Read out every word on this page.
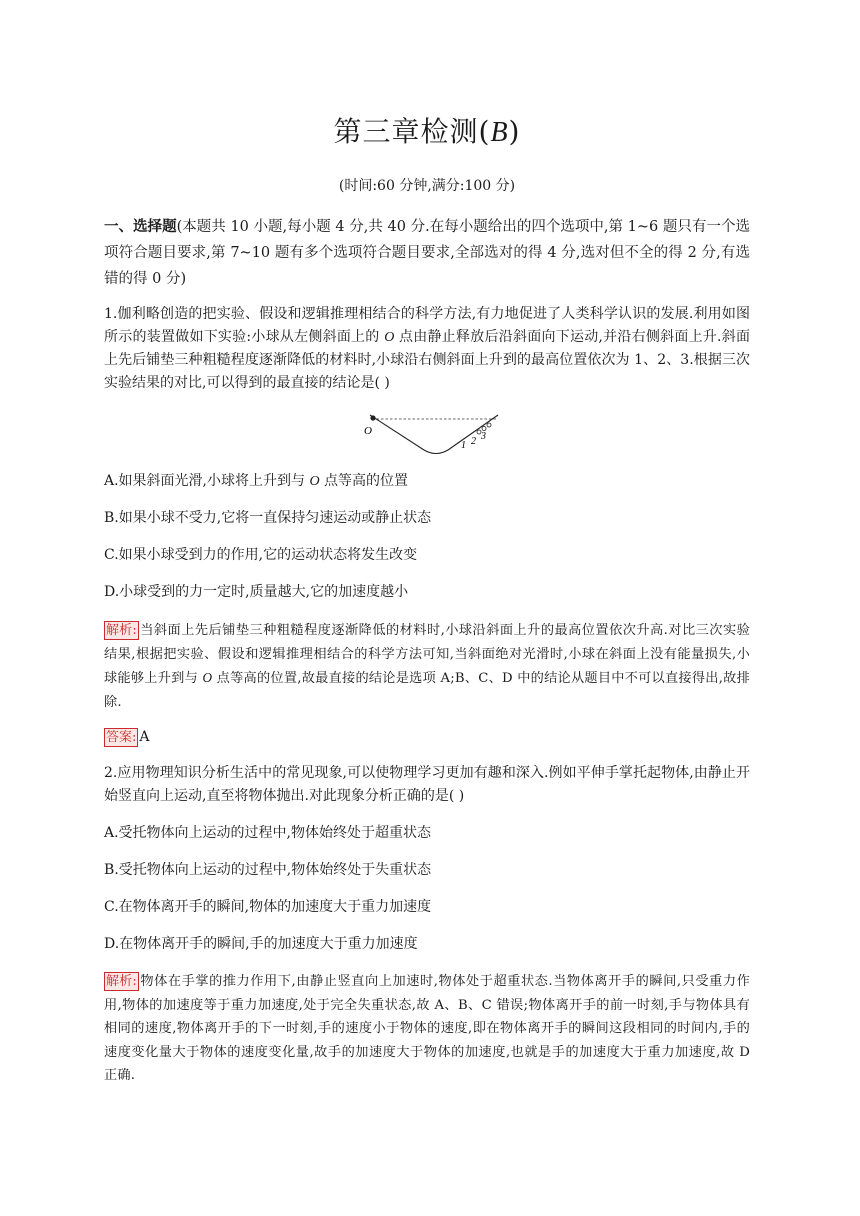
第三章检测(B)
(时间:60 分钟,满分:100 分)
一、选择题(本题共 10 小题,每小题 4 分,共 40 分.在每小题给出的四个选项中,第 1~6 题只有一个选项符合题目要求,第 7~10 题有多个选项符合题目要求,全部选对的得 4 分,选对但不全的得 2 分,有选错的得 0 分)
1.伽利略创造的把实验、假设和逻辑推理相结合的科学方法,有力地促进了人类科学认识的发展.利用如图所示的装置做如下实验:小球从左侧斜面上的 O 点由静止释放后沿斜面向下运动,并沿右侧斜面上升.斜面上先后铺垫三种粗糙程度逐渐降低的材料时,小球沿右侧斜面上升到的最高位置依次为 1、2、3.根据三次实验结果的对比,可以得到的最直接的结论是( )
O
1 2 3
A.如果斜面光滑,小球将上升到与 O 点等高的位置
B.如果小球不受力,它将一直保持匀速运动或静止状态
C.如果小球受到力的作用,它的运动状态将发生改变
D.小球受到的力一定时,质量越大,它的加速度越小
解析: 当斜面上先后铺垫三种粗糙程度逐渐降低的材料时,小球沿斜面上升的最高位置依次升高.对比三次实验结果,根据把实验、假设和逻辑推理相结合的科学方法可知,当斜面绝对光滑时,小球在斜面上没有能量损失,小球能够上升到与 O 点等高的位置,故最直接的结论是选项 A;B、C、D 中的结论从题目中不可以直接得出,故排除.
答案: A
2.应用物理知识分析生活中的常见现象,可以使物理学习更加有趣和深入.例如平伸手掌托起物体,由静止开始竖直向上运动,直至将物体抛出.对此现象分析正确的是( )
A.受托物体向上运动的过程中,物体始终处于超重状态
B.受托物体向上运动的过程中,物体始终处于失重状态
C.在物体离开手的瞬间,物体的加速度大于重力加速度
D.在物体离开手的瞬间,手的加速度大于重力加速度
解析: 物体在手掌的推力作用下,由静止竖直向上加速时,物体处于超重状态.当物体离开手的瞬间,只受重力作用,物体的加速度等于重力加速度,处于完全失重状态,故 A、B、C 错误;物体离开手的前一时刻,手与物体具有相同的速度,物体离开手的下一时刻,手的速度小于物体的速度,即在物体离开手的瞬间这段相同的时间内,手的速度变化量大于物体的速度变化量,故手的加速度大于物体的加速度,也就是手的加速度大于重力加速度,故 D 正确.
